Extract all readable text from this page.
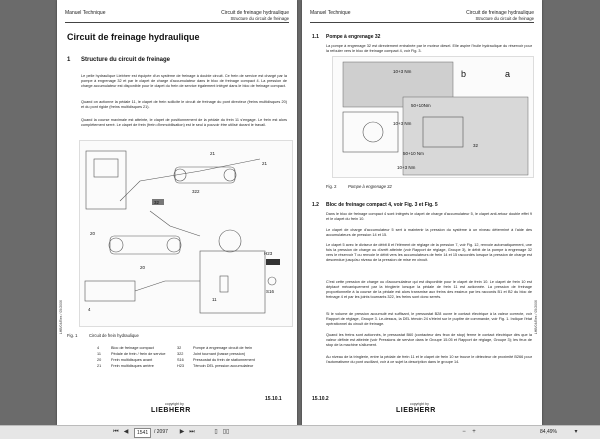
Manuel Technique	Circuit de freinage hydraulique
Structure du circuit de freinage
Circuit de freinage hydraulique
1 Structure du circuit de freinage
Le pelle hydraulique Liebherr est équipée d'un système de freinage à double circuit. Ce frein de service est chargé par la pompe à engrenage 32 et par le clapet de charge d'accumulateur dans le bloc de freinage compact 4. La pression de charge accumulateur est disponible pour le clapet du frein de service également intégré dans le bloc de freinage compact.
Quand on actionne la pédale 11, le clapet de frein sollicite le circuit de freinage du pont directeur (freins multidisques 20) et du pont rigide (freins multidisques 21).
Quand la course maximale est atteinte, le clapet de positionnement de la pédale du frein 11 s'engage. Le frein est alors complètement serré. Le clapet de frein (frein d'immobilisation) est le seul à pouvoir être utilisé durant le travail.
21
32
322
20
21
H23
S16
11
4
20
Fig. 1	Circuit de frein hydraulique
4	Bloc de freinage compact	32	Pompe à engrenage circuit de frein
11	Pédale de frein / frein de service	322	Joint tournant (basse pression)
20	Frein multidisques avant	S16 Pressostat du frein de stationnement
21	Frein multidisques arrière	H23 Témoin DEL pression accumulateur
copyright by
LIEBHERR
15.10.1
LHB/04/Bes / 05/2006
Manuel Technique	Circuit de freinage hydraulique
Structure du circuit de freinage
1.1 Pompe à engrenage 32
La pompe à engrenage 32 est directement entraînée par le moteur diesel. Elle aspire l'huile hydraulique du réservoir pour la refouler vers le bloc de freinage compact 4, voir Fig. 3.
10+3 Nm	b	a
50+10Nm
10+3 Nm
50+10 Nm
10+3 Nm
32
Fig. 2	Pompe à engrenage 32
1.2 Bloc de freinage compact 4, voir Fig. 3 et Fig. 5
Dans le bloc de freinage compact 4 sont intégrés le clapet de charge d'accumulateur 5, le clapet anti-retour double effet 9 et le clapet du frein 10.
Le clapet de charge d'accumulateur 5 sert à maintenir la pression du système à un niveau déterminé à l'aide des accumulateurs de pression 14 et 15.
Le clapet 5 avec le diviseur de débit 8 et l'élément de réglage de la pression 7, voir Fig. 12, renvoie automatiquement, une fois la pression de charge ou d'arrêt atteinte (voir Rapport de réglage, Groupe 3), le débit de la pompe à engrenage 32 vers le réservoir T ou renvoie le débit vers les accumulateurs de frein 14 et 15 raccordés lorsque la pression de charge est descendue jusqu'au niveau de la pression de mise en circuit.
C'est cette pression de charge ou d'accumulateur qui est disponible pour le clapet de frein 10. Le clapet de frein 10 est déplacé mécaniquement par la tringlerie lorsque la pédale de frein 11 est actionnée. La pression de freinage proportionnelle à la course de la pédale est alors transmise aux freins des essieux par les raccords B1 et B2 du bloc de freinage 4 et par les joints tournants 322, les freins sont donc serrés.
Si le volume de pression accumulé est suffisant, le pressostat B28 ouvre le contact électrique à la valeur correcte, voir Rapport de réglage, Groupe 3. Le-dessus, la DEL témoin 24 s'éteint sur le pupitre de commande, voir Fig. 1. Indique l'état opérationnel du circuit de freinage.
Quand les freins sont actionnés, le pressostat B60 (contacteur des feux de stop) ferme le contact électrique dès que la valeur définie est atteinte (voir Pressions de service dans le Groupe 15.05 et Rapport de réglage, Groupe 3); les feux de stop de la machine s'allument.
Au niveau de la tringlerie, entre la pédale de frein 11 et le clapet de frein 10 se trouve le détecteur de proximité B266 pour l'automatisme du pont oscillant, voir à ce sujet la description dans le groupe 14.
15.10.2
copyright by
LIEBHERR
LHB/04/Bes / 05/2006
⏮ ◀	1541	/ 2097 ▶ ⏭	▯ ▯▯	−	+	84,49%	▾
